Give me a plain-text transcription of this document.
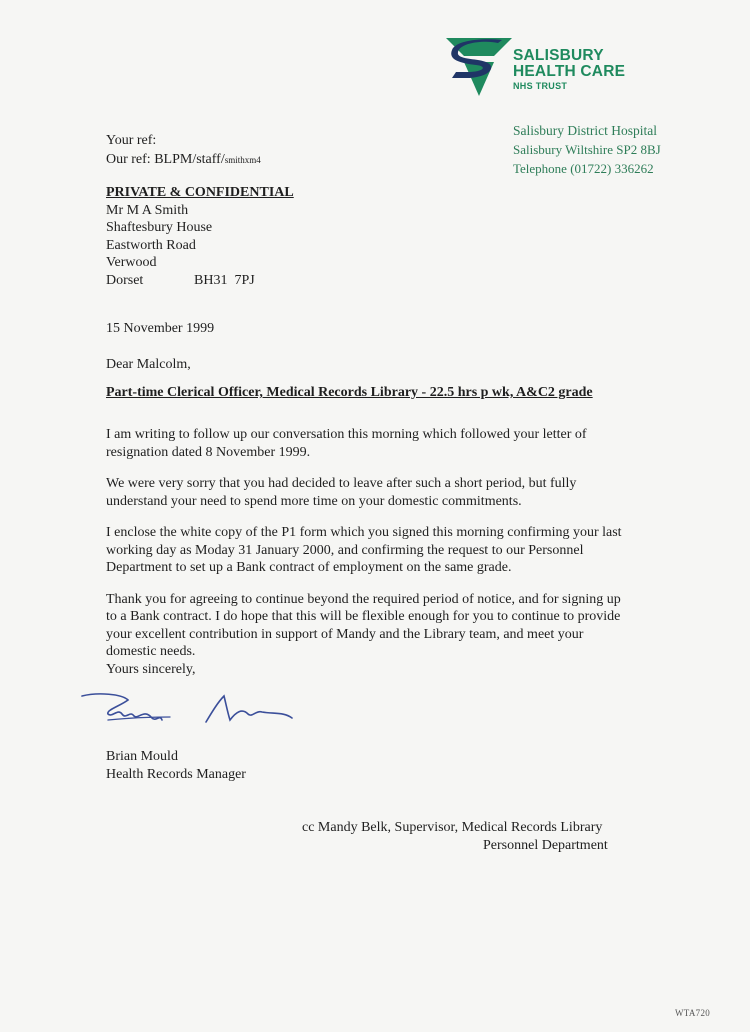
SALISBURY
HEALTH CARE
NHS TRUST
Salisbury District Hospital
Salisbury Wiltshire SP2 8BJ
Telephone (01722) 336262
Your ref:
Our ref: BLPM/staff/smithxm4
PRIVATE & CONFIDENTIAL
Mr M A Smith
Shaftesbury House
Eastworth Road
Verwood
Dorset	BH31  7PJ
15 November 1999
Dear Malcolm,
Part-time Clerical Officer, Medical Records Library - 22.5 hrs p wk, A&C2 grade

I am writing to follow up our conversation this morning which followed your letter of resignation dated 8 November 1999.

We were very sorry that you had decided to leave after such a short period, but fully understand your need to spend more time on your domestic commitments.

I enclose the white copy of the P1 form which you signed this morning confirming your last working day as Moday 31 January 2000, and confirming the request to our Personnel Department to set up a Bank contract of employment on the same grade.

Thank you for agreeing to continue beyond the required period of notice, and for signing up to a Bank contract. I do hope that this will be flexible enough for you to continue to provide your excellent contribution in support of Mandy and the Library team, and meet your domestic needs.

Yours sincerely,
Brian Mould
Health Records Manager
cc Mandy Belk, Supervisor, Medical Records Library
Personnel Department
WTA720
